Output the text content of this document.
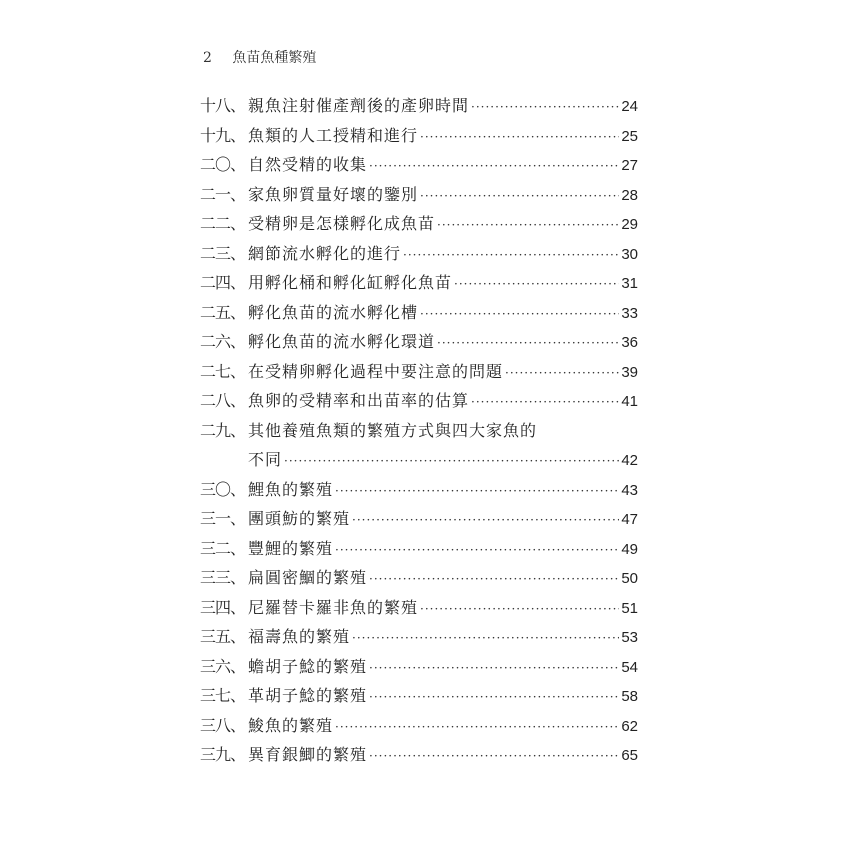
2 魚苗魚種繁殖
十八、 親魚注射催產劑後的產卵時間 ·····	24
十九、 魚類的人工授精和進行 ·····	25
二〇、 自然受精的收集 ·····	27
二一、 家魚卵質量好壞的鑒別 ·····	28
二二、 受精卵是怎樣孵化成魚苗 ·····	29
二三、 網節流水孵化的進行 ·····	30
二四、 用孵化桶和孵化缸孵化魚苗 ·····	31
二五、 孵化魚苗的流水孵化槽 ·····	33
二六、 孵化魚苗的流水孵化環道 ·····	36
二七、 在受精卵孵化過程中要注意的問題 ·····	39
二八、 魚卵的受精率和出苗率的估算 ·····	41
二九、 其他養殖魚類的繁殖方式與四大家魚的
不同 ·····	42
三〇、 鯉魚的繁殖 ·····	43
三一、 團頭魴的繁殖 ·····	47
三二、 豐鯉的繁殖 ·····	49
三三、 扁圓密鯝的繁殖 ·····	50
三四、 尼羅替卡羅非魚的繁殖 ·····	51
三五、 福壽魚的繁殖 ·····	53
三六、 蟾胡子鯰的繁殖 ·····	54
三七、 革胡子鯰的繁殖 ·····	58
三八、 鮻魚的繁殖 ·····	62
三九、 異育銀鯽的繁殖 ·····	65
